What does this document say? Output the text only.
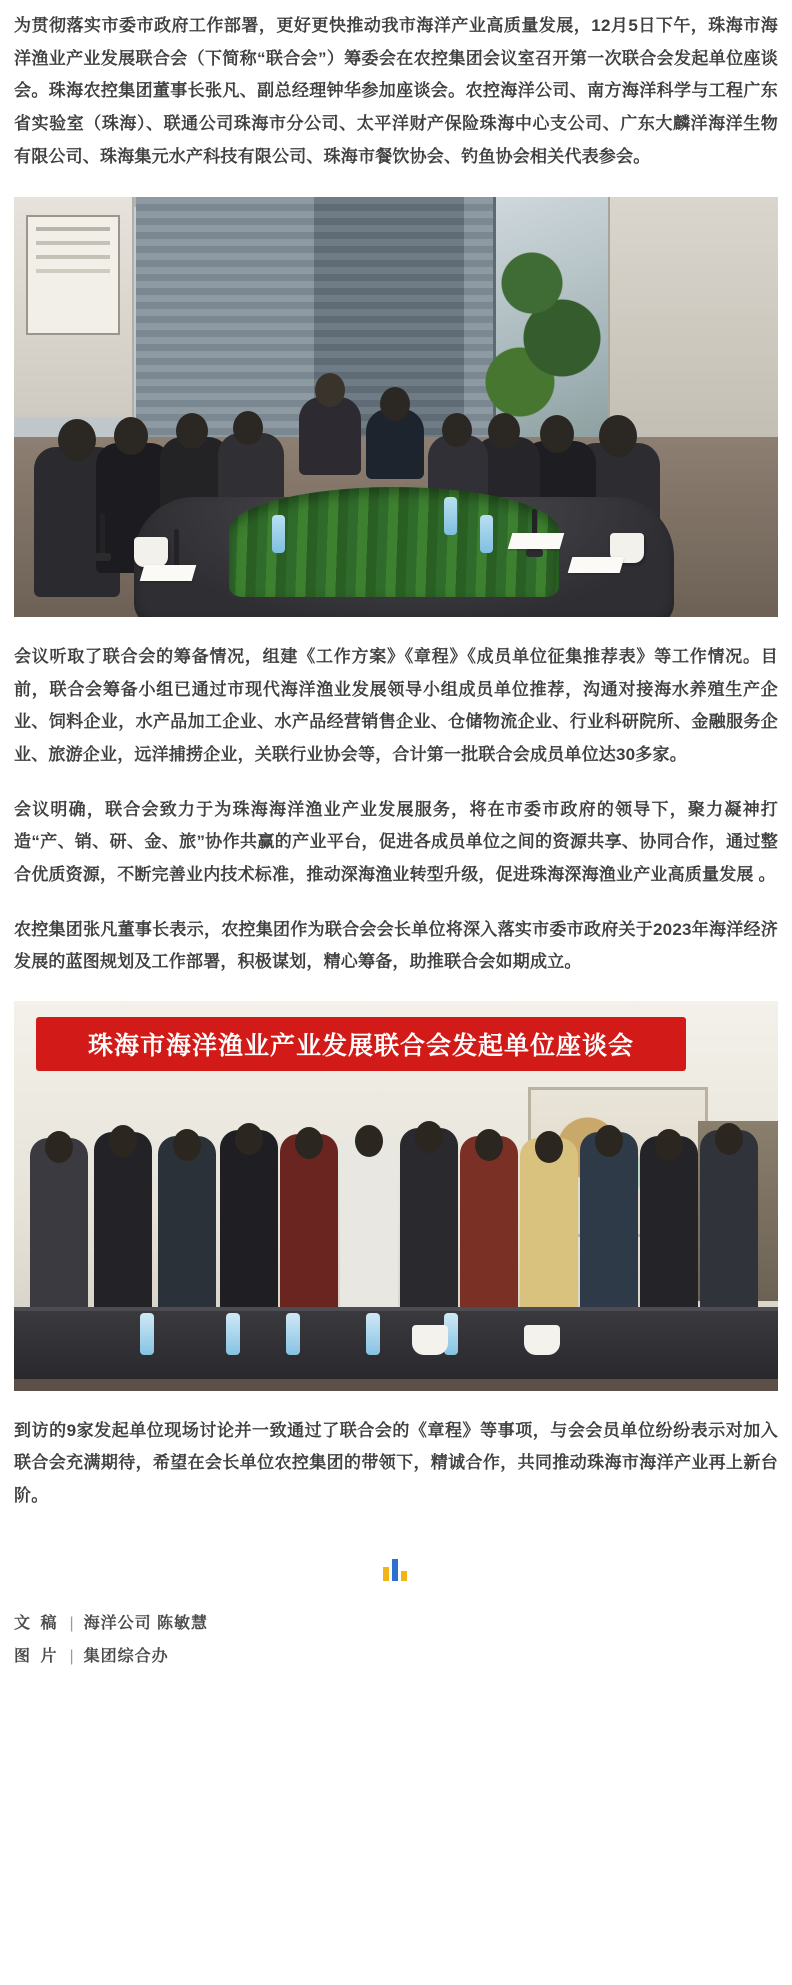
为贯彻落实市委市政府工作部署，更好更快推动我市海洋产业高质量发展，12月5日下午，珠海市海洋渔业产业发展联合会（下简称“联合会”）筹委会在农控集团会议室召开第一次联合会发起单位座谈会。珠海农控集团董事长张凡、副总经理钟华参加座谈会。农控海洋公司、南方海洋科学与工程广东省实验室（珠海）、联通公司珠海市分公司、太平洋财产保险珠海中心支公司、广东大麟洋海洋生物有限公司、珠海集元水产科技有限公司、珠海市餐饮协会、钓鱼协会相关代表参会。

会议听取了联合会的筹备情况，组建《工作方案》《章程》《成员单位征集推荐表》等工作情况。目前，联合会筹备小组已通过市现代海洋渔业发展领导小组成员单位推荐，沟通对接海水养殖生产企业、饲料企业，水产品加工企业、水产品经营销售企业、仓储物流企业、行业科研院所、金融服务企业、旅游企业，远洋捕捞企业，关联行业协会等，合计第一批联合会成员单位达30多家。

会议明确，联合会致力于为珠海海洋渔业产业发展服务，将在市委市政府的领导下，聚力凝神打造“产、销、研、金、旅”协作共赢的产业平台，促进各成员单位之间的资源共享、协同合作，通过整合优质资源，不断完善业内技术标准，推动深海渔业转型升级，促进珠海深海渔业产业高质量发展 。

农控集团张凡董事长表示，农控集团作为联合会会长单位将深入落实市委市政府关于2023年海洋经济发展的蓝图规划及工作部署，积极谋划，精心筹备，助推联合会如期成立。

珠海市海洋渔业产业发展联合会发起单位座谈会

到访的9家发起单位现场讨论并一致通过了联合会的《章程》等事项，与会会员单位纷纷表示对加入联合会充满期待，希望在会长单位农控集团的带领下，精诚合作，共同推动珠海市海洋产业再上新台阶。

文 稿 | 海洋公司 陈敏慧
图 片 | 集团综合办
